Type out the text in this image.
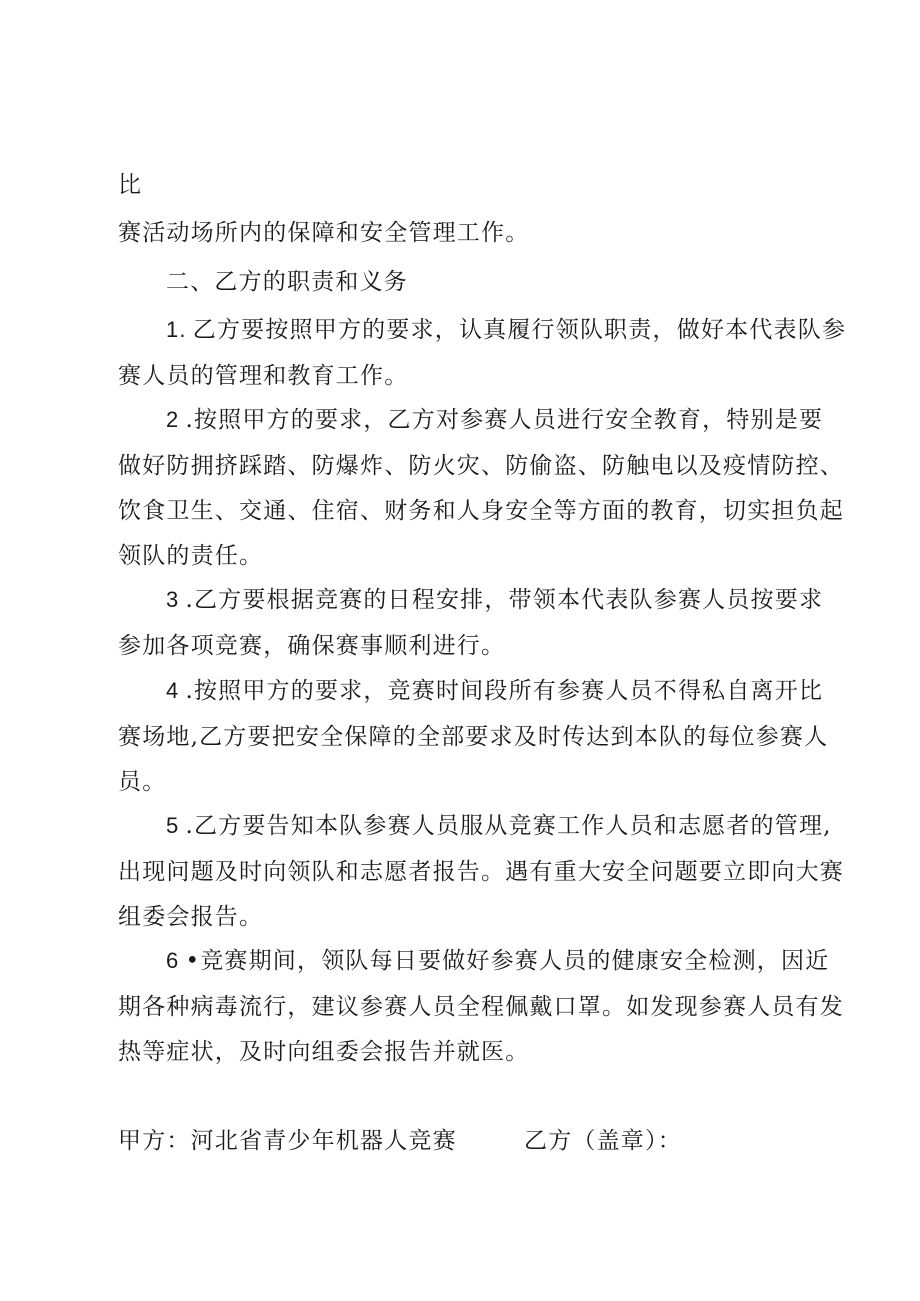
比
赛活动场所内的保障和安全管理工作。
二、乙方的职责和义务
1. 乙方要按照甲方的要求，认真履行领队职责，做好本代表队参
赛人员的管理和教育工作。
2 .按照甲方的要求，乙方对参赛人员进行安全教育，特别是要
做好防拥挤踩踏、防爆炸、防火灾、防偷盗、防触电以及疫情防控、
饮食卫生、交通、住宿、财务和人身安全等方面的教育，切实担负起
领队的责任。
3 .乙方要根据竞赛的日程安排，带领本代表队参赛人员按要求
参加各项竞赛，确保赛事顺利进行。
4 .按照甲方的要求，竞赛时间段所有参赛人员不得私自离开比
赛场地,乙方要把安全保障的全部要求及时传达到本队的每位参赛人
员。
5 .乙方要告知本队参赛人员服从竞赛工作人员和志愿者的管理,
出现问题及时向领队和志愿者报告。遇有重大安全问题要立即向大赛
组委会报告。
6 •竞赛期间，领队每日要做好参赛人员的健康安全检测，因近
期各种病毒流行，建议参赛人员全程佩戴口罩。如发现参赛人员有发
热等症状，及时向组委会报告并就医。
甲方：河北省青少年机器人竞赛	乙方（盖章）：
